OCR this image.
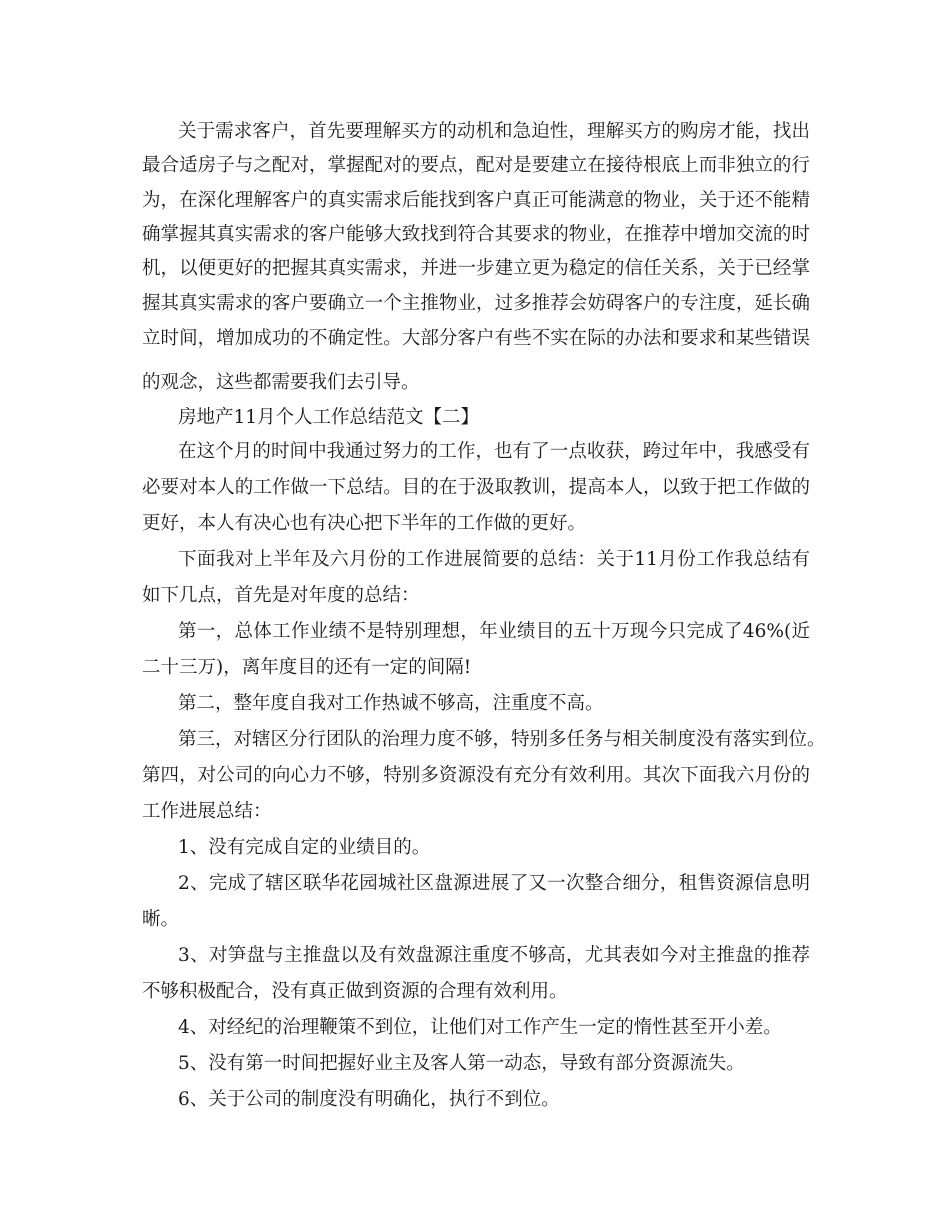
关于需求客户，首先要理解买方的动机和急迫性，理解买方的购房才能，找出
最合适房子与之配对，掌握配对的要点，配对是要建立在接待根底上而非独立的行
为，在深化理解客户的真实需求后能找到客户真正可能满意的物业，关于还不能精
确掌握其真实需求的客户能够大致找到符合其要求的物业，在推荐中增加交流的时
机，以便更好的把握其真实需求，并进一步建立更为稳定的信任关系，关于已经掌
握其真实需求的客户要确立一个主推物业，过多推荐会妨碍客户的专注度，延长确
立时间，增加成功的不确定性。大部分客户有些不实在际的办法和要求和某些错误
的观念，这些都需要我们去引导。
房地产11月个人工作总结范文【二】
在这个月的时间中我通过努力的工作，也有了一点收获，跨过年中，我感受有
必要对本人的工作做一下总结。目的在于汲取教训，提高本人，以致于把工作做的
更好，本人有决心也有决心把下半年的工作做的更好。
下面我对上半年及六月份的工作进展简要的总结：关于11月份工作我总结有
如下几点，首先是对年度的总结：
第一，总体工作业绩不是特别理想，年业绩目的五十万现今只完成了46%(近
二十三万)，离年度目的还有一定的间隔!
第二，整年度自我对工作热诚不够高，注重度不高。
第三，对辖区分行团队的治理力度不够，特别多任务与相关制度没有落实到位。
第四，对公司的向心力不够，特别多资源没有充分有效利用。其次下面我六月份的
工作进展总结：
1、没有完成自定的业绩目的。
2、完成了辖区联华花园城社区盘源进展了又一次整合细分，租售资源信息明
晰。
3、对笋盘与主推盘以及有效盘源注重度不够高，尤其表如今对主推盘的推荐
不够积极配合，没有真正做到资源的合理有效利用。
4、对经纪的治理鞭策不到位，让他们对工作产生一定的惰性甚至开小差。
5、没有第一时间把握好业主及客人第一动态，导致有部分资源流失。
6、关于公司的制度没有明确化，执行不到位。
